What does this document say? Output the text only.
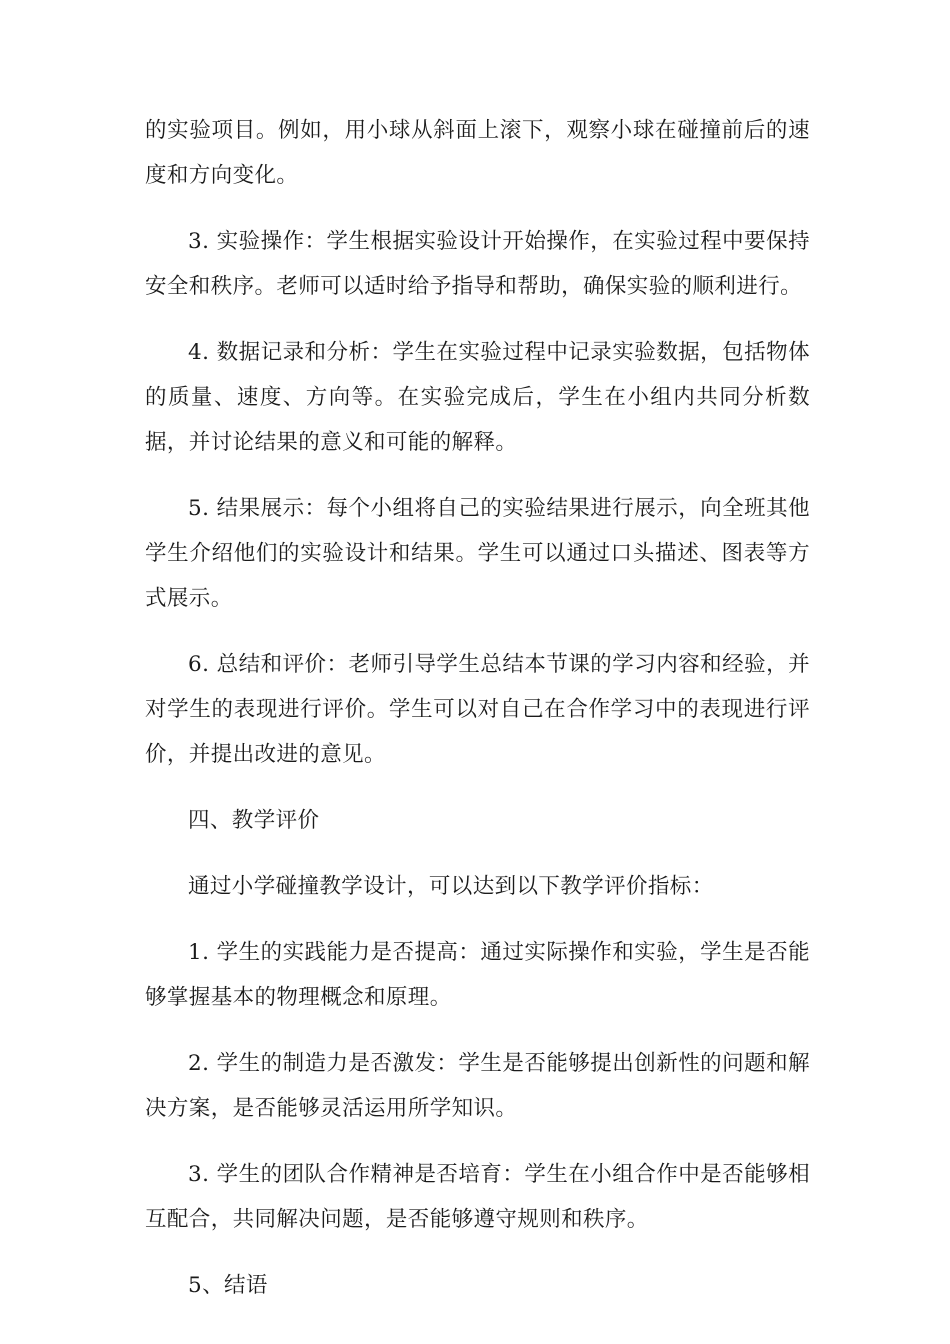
的实验项目。例如，用小球从斜面上滚下，观察小球在碰撞前后的速度和方向变化。

3. 实验操作：学生根据实验设计开始操作，在实验过程中要保持安全和秩序。老师可以适时给予指导和帮助，确保实验的顺利进行。

4. 数据记录和分析：学生在实验过程中记录实验数据，包括物体的质量、速度、方向等。在实验完成后，学生在小组内共同分析数据，并讨论结果的意义和可能的解释。

5. 结果展示：每个小组将自己的实验结果进行展示，向全班其他学生介绍他们的实验设计和结果。学生可以通过口头描述、图表等方式展示。

6. 总结和评价：老师引导学生总结本节课的学习内容和经验，并对学生的表现进行评价。学生可以对自己在合作学习中的表现进行评价，并提出改进的意见。

四、教学评价

通过小学碰撞教学设计，可以达到以下教学评价指标：

1. 学生的实践能力是否提高：通过实际操作和实验，学生是否能够掌握基本的物理概念和原理。

2. 学生的制造力是否激发：学生是否能够提出创新性的问题和解决方案，是否能够灵活运用所学知识。

3. 学生的团队合作精神是否培育：学生在小组合作中是否能够相互配合，共同解决问题，是否能够遵守规则和秩序。

5、结语
